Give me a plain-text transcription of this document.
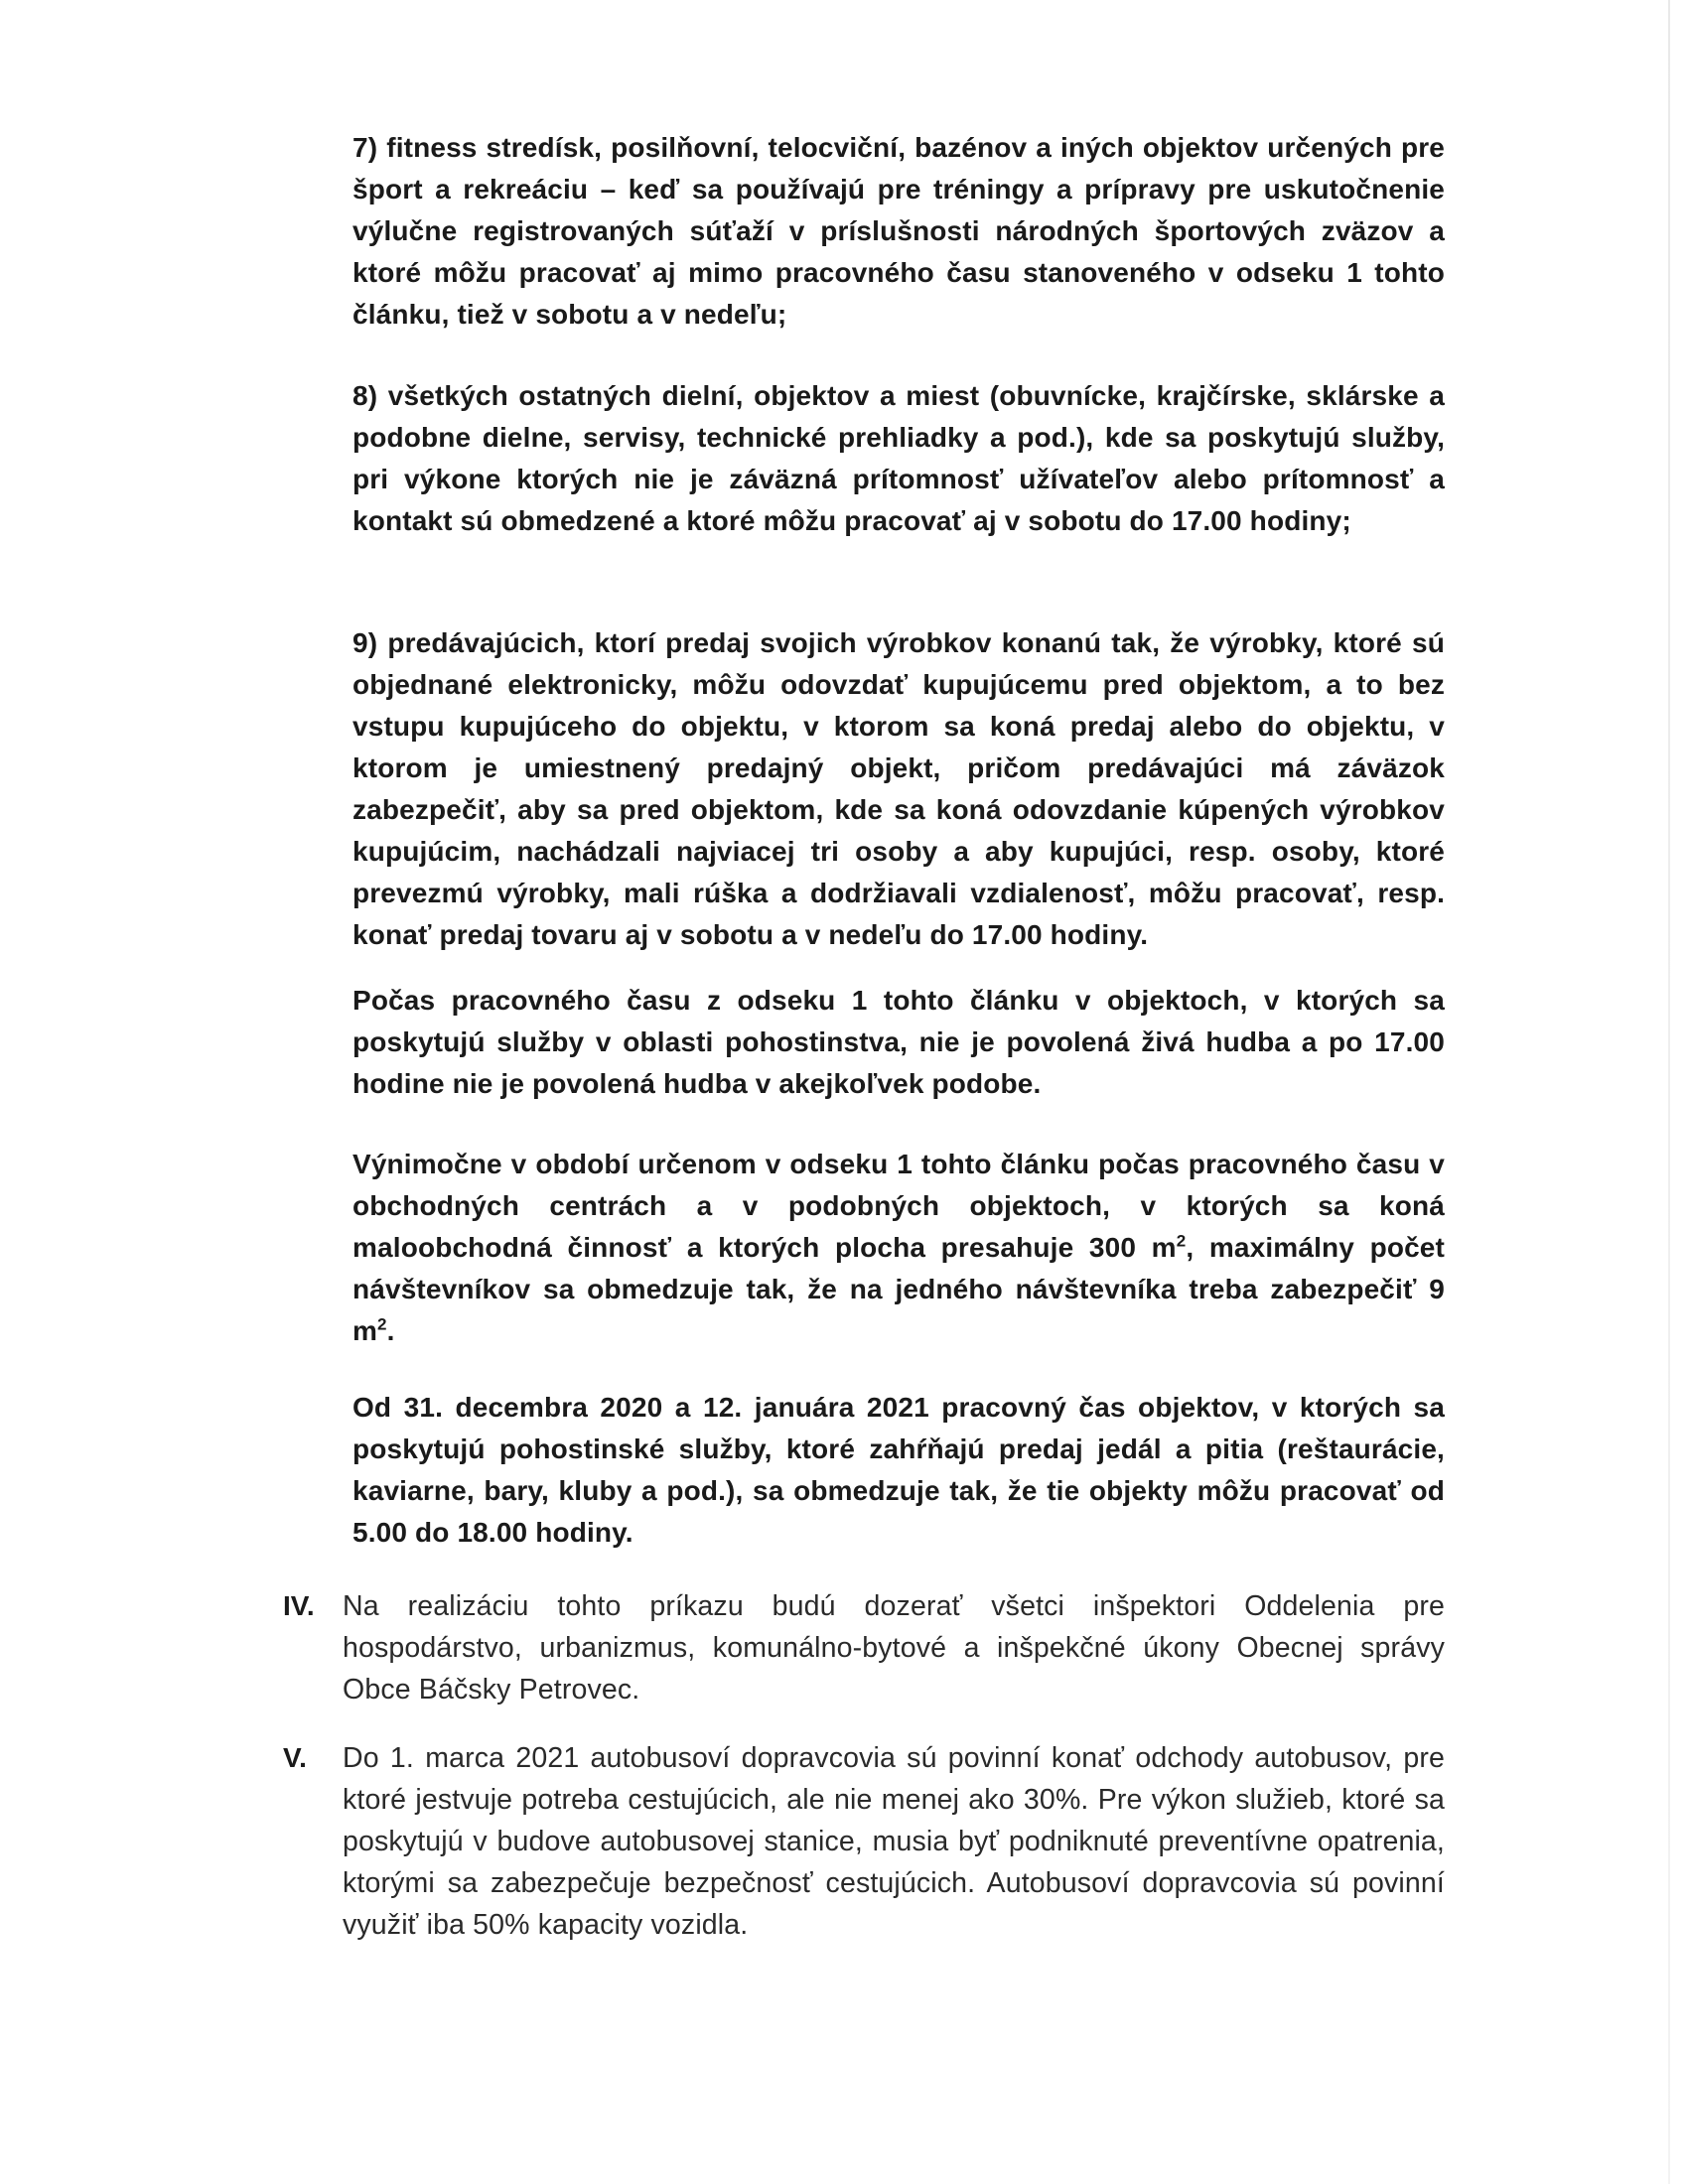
7) fitness stredísk, posilňovní, telocviční, bazénov a iných objektov určených pre šport a rekreáciu – keď sa používajú pre tréningy a prípravy pre uskutočnenie výlučne registrovaných súťaží v príslušnosti národných športových zväzov a ktoré môžu pracovať aj mimo pracovného času stanoveného v odseku 1 tohto článku, tiež v sobotu a v nedeľu;

8) všetkých ostatných dielní, objektov a miest (obuvnícke, krajčírske, sklárske a podobne dielne, servisy, technické prehliadky a pod.), kde sa poskytujú služby, pri výkone ktorých nie je záväzná prítomnosť užívateľov alebo prítomnosť a kontakt sú obmedzené a ktoré môžu pracovať aj v sobotu do 17.00 hodiny;

9) predávajúcich, ktorí predaj svojich výrobkov konanú tak, že výrobky, ktoré sú objednané elektronicky, môžu odovzdať kupujúcemu pred objektom, a to bez vstupu kupujúceho do objektu, v ktorom sa koná predaj alebo do objektu, v ktorom je umiestnený predajný objekt, pričom predávajúci má záväzok zabezpečiť, aby sa pred objektom, kde sa koná odovzdanie kúpených výrobkov kupujúcim, nachádzali najviacej tri osoby a aby kupujúci, resp. osoby, ktoré prevezmú výrobky, mali rúška a dodržiavali vzdialenosť, môžu pracovať, resp. konať predaj tovaru aj v sobotu a v nedeľu do 17.00 hodiny.

Počas pracovného času z odseku 1 tohto článku v objektoch, v ktorých sa poskytujú služby v oblasti pohostinstva, nie je povolená živá hudba a po 17.00 hodine nie je povolená hudba v akejkoľvek podobe.

Výnimočne v období určenom v odseku 1 tohto článku počas pracovného času v obchodných centrách a v podobných objektoch, v ktorých sa koná maloobchodná činnosť a ktorých plocha presahuje 300 $m^2$, maximálny počet návštevníkov sa obmedzuje tak, že na jedného návštevníka treba zabezpečiť 9 $m^2$.

Od 31. decembra 2020 a 12. januára 2021 pracovný čas objektov, v ktorých sa poskytujú pohostinské služby, ktoré zahŕňajú predaj jedál a pitia (reštaurácie, kaviarne, bary, kluby a pod.), sa obmedzuje tak, že tie objekty môžu pracovať od 5.00 do 18.00 hodiny.

IV. Na realizáciu tohto príkazu budú dozerať všetci inšpektori Oddelenia pre hospodárstvo, urbanizmus, komunálno-bytové a inšpekčné úkony Obecnej správy Obce Báčsky Petrovec.

V. Do 1. marca 2021 autobusoví dopravcovia sú povinní konať odchody autobusov, pre ktoré jestvuje potreba cestujúcich, ale nie menej ako 30%. Pre výkon služieb, ktoré sa poskytujú v budove autobusovej stanice, musia byť podniknuté preventívne opatrenia, ktorými sa zabezpečuje bezpečnosť cestujúcich. Autobusoví dopravcovia sú povinní využiť iba 50% kapacity vozidla.
